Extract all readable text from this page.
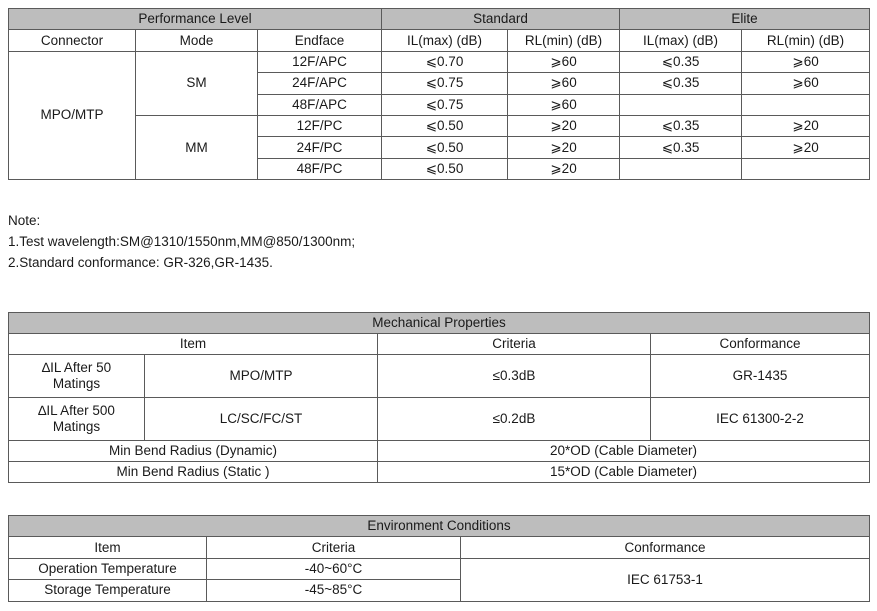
Performance Level			Standard		Elite	
Connector	Mode	Endface	IL(max) (dB)	RL(min) (dB)	IL(max) (dB)	RL(min) (dB)
MPO/MTP	SM	12F/APC	⩽0.70	⩾60	⩽0.35	⩾60
		24F/APC	⩽0.75	⩾60	⩽0.35	⩾60
		48F/APC	⩽0.75	⩾60		
	MM	12F/PC	⩽0.50	⩾20	⩽0.35	⩾20
		24F/PC	⩽0.50	⩾20	⩽0.35	⩾20
		48F/PC	⩽0.50	⩾20		
Note:
1.Test wavelength:SM@1310/1550nm,MM@850/1300nm;
2.Standard conformance: GR-326,GR-1435.
Mechanical Properties			
Item		Criteria	Conformance
∆IL After 50 Matings	MPO/MTP	≤0.3dB	GR-1435
∆IL After 500 Matings	LC/SC/FC/ST	≤0.2dB	IEC 61300-2-2
Min Bend Radius (Dynamic)		20*OD (Cable Diameter)	
Min Bend Radius (Static )		15*OD (Cable Diameter)	
Environment Conditions		
Item	Criteria	Conformance
Operation Temperature	-40~60°C	IEC 61753-1
Storage Temperature	-45~85°C	
